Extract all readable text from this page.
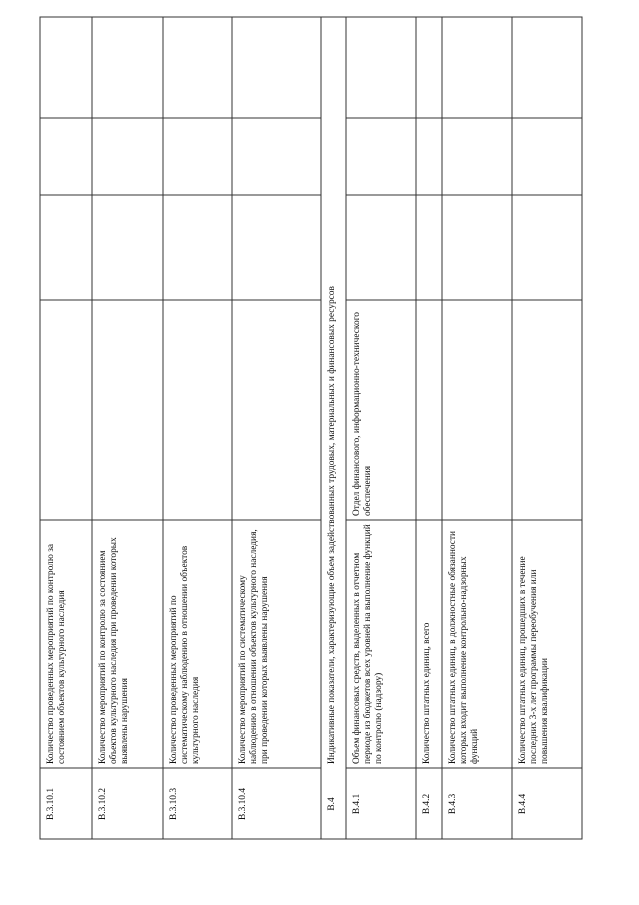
В.3.10.1
Количество проведенных мероприятий по контролю за состоянием объектов культурного наследия
В.3.10.2
Количество мероприятий по контролю за состоянием объектов культурного наследия при проведении которых выявлены нарушения
В.3.10.3
Количество проведенных мероприятий по систематическому наблюдению в отношении объектов культурного наследия
В.3.10.4
Количество мероприятий по систематическому наблюдению в отношении объектов культурного наследия, при проведении которых выявлены нарушения
В.4
Индикативные показатели, характеризующие объем задействованных трудовых, материальных и финансовых ресурсов
В.4.1
Объем финансовых средств, выделенных в отчетном периоде из бюджетов всех уровней на выполнение функций по контролю (надзору)
Отдел финансового, информационно-технического обеспечения
В.4.2
Количество штатных единиц, всего
В.4.3
Количество штатных единиц, в должностные обязанности которых входит выполнение контрольно-надзорных функций
В.4.4
Количество штатных единиц, прошедших в течение последних 3-х лет программы переобучения или повышения квалификации
